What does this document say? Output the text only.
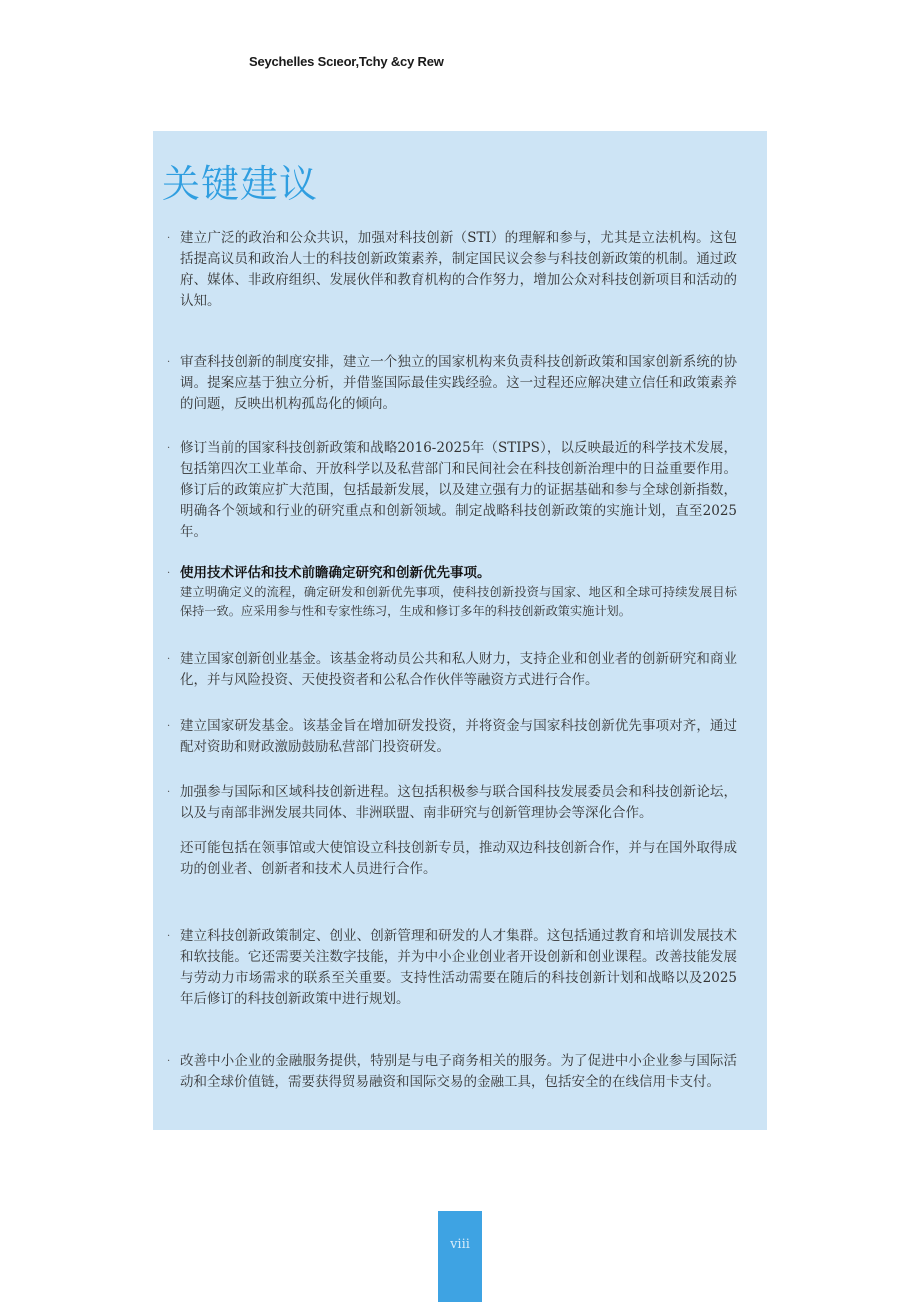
Seychelles Scıeor,Tchy &cy Rew
关键建议
· 建立广泛的政治和公众共识，加强对科技创新（STI）的理解和参与，尤其是立法机构。这包括提高议员和政治人士的科技创新政策素养，制定国民议会参与科技创新政策的机制。通过政府、媒体、非政府组织、发展伙伴和教育机构的合作努力，增加公众对科技创新项目和活动的认知。
· 审查科技创新的制度安排，建立一个独立的国家机构来负责科技创新政策和国家创新系统的协调。提案应基于独立分析，并借鉴国际最佳实践经验。这一过程还应解决建立信任和政策素养的问题，反映出机构孤岛化的倾向。
· 修订当前的国家科技创新政策和战略2016-2025年（STIPS），以反映最近的科学技术发展，包括第四次工业革命、开放科学以及私营部门和民间社会在科技创新治理中的日益重要作用。修订后的政策应扩大范围，包括最新发展，以及建立强有力的证据基础和参与全球创新指数，明确各个领域和行业的研究重点和创新领域。制定战略科技创新政策的实施计划，直至2025年。
· 使用技术评估和技术前瞻确定研究和创新优先事项。
建立明确定义的流程，确定研发和创新优先事项，使科技创新投资与国家、地区和全球可持续发展目标保持一致。应采用参与性和专家性练习，生成和修订多年的科技创新政策实施计划。
· 建立国家创新创业基金。该基金将动员公共和私人财力，支持企业和创业者的创新研究和商业化，并与风险投资、天使投资者和公私合作伙伴等融资方式进行合作。
· 建立国家研发基金。该基金旨在增加研发投资，并将资金与国家科技创新优先事项对齐，通过配对资助和财政激励鼓励私营部门投资研发。
· 加强参与国际和区域科技创新进程。这包括积极参与联合国科技发展委员会和科技创新论坛，以及与南部非洲发展共同体、非洲联盟、南非研究与创新管理协会等深化合作。
还可能包括在领事馆或大使馆设立科技创新专员，推动双边科技创新合作，并与在国外取得成功的创业者、创新者和技术人员进行合作。
· 建立科技创新政策制定、创业、创新管理和研发的人才集群。这包括通过教育和培训发展技术和软技能。它还需要关注数字技能，并为中小企业创业者开设创新和创业课程。改善技能发展与劳动力市场需求的联系至关重要。支持性活动需要在随后的科技创新计划和战略以及2025年后修订的科技创新政策中进行规划。
· 改善中小企业的金融服务提供，特别是与电子商务相关的服务。为了促进中小企业参与国际活动和全球价值链，需要获得贸易融资和国际交易的金融工具，包括安全的在线信用卡支付。
viii
